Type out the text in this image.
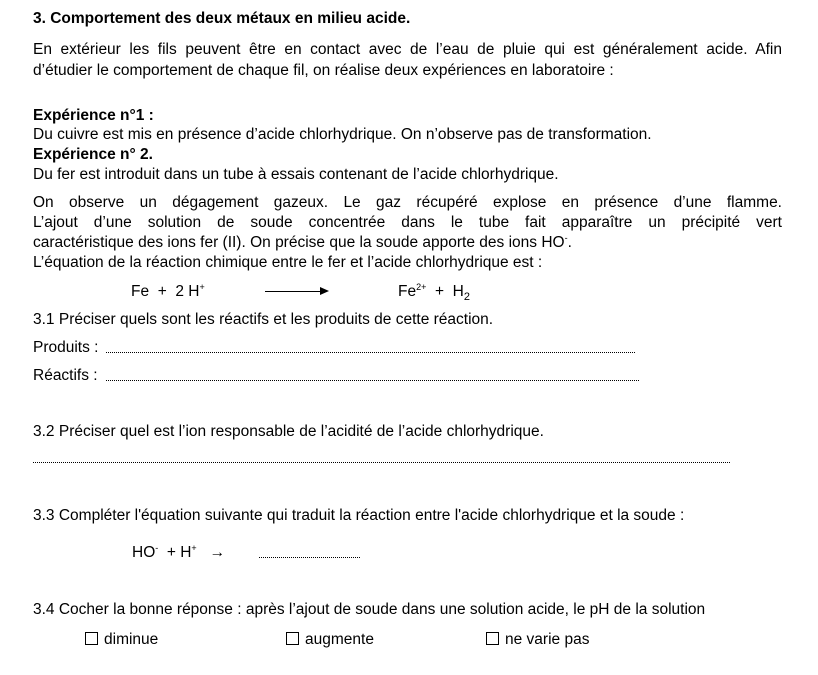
3. Comportement des deux métaux en milieu acide.
En extérieur les fils peuvent être en contact avec de l’eau de pluie qui est généralement acide. Afin
d’étudier le comportement de chaque fil, on réalise deux expériences en laboratoire :
Expérience n°1 :
Du cuivre est mis en présence d’acide chlorhydrique. On n’observe pas de transformation.
Expérience n° 2.
Du fer est introduit dans un tube à essais contenant de l’acide chlorhydrique.
On observe un dégagement gazeux. Le gaz récupéré explose en présence d’une flamme.
L’ajout d’une solution de soude concentrée dans le tube fait apparaître un précipité vert
caractéristique des ions fer (II). On précise que la soude apporte des ions HO-.
L’équation de la réaction chimique entre le fer et l’acide chlorhydrique est :
Fe  +  2 H+	$Fe^{2+} + H_2$
3.1 Préciser quels sont les réactifs et les produits de cette réaction.
Produits :
Réactifs :
3.2 Préciser quel est l’ion responsable de l’acidité de l’acide chlorhydrique.
3.3 Compléter l'équation suivante qui traduit la réaction entre l'acide chlorhydrique et la soude :
HO-  + H+ →
3.4 Cocher la bonne réponse : après l’ajout de soude dans une solution acide, le pH de la solution
diminue	augmente	ne varie pas
